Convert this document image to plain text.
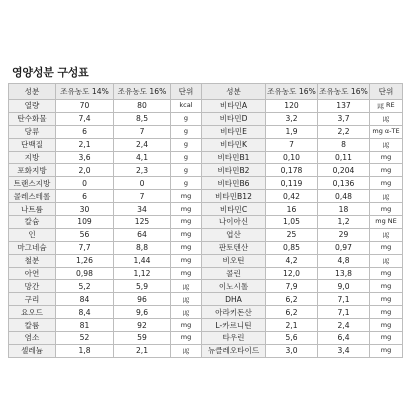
영양성분 구성표
성분	조유농도 14%	조유농도 16%	단위	성분	조유농도 16%	조유농도 16%	단위
열량	70	80	kcal	비타민A	120	137	㎍ RE
탄수화물	7,4	8,5	g	비타민D	3,2	3,7	㎍
당류	6	7	g	비타민E	1,9	2,2	mg α-TE
단백질	2,1	2,4	g	비타민K	7	8	㎍
지방	3,6	4,1	g	비타민B1	0,10	0,11	mg
포화지방	2,0	2,3	g	비타민B2	0,178	0,204	mg
트랜스지방	0	0	g	비타민B6	0,119	0,136	mg
콜레스테롤	6	7	mg	비타민B12	0,42	0,48	㎍
나트륨	30	34	mg	비타민C	16	18	mg
칼슘	109	125	mg	나이아신	1,05	1,2	mg NE
인	56	64	mg	엽산	25	29	㎍
마그네슘	7,7	8,8	mg	판토텐산	0,85	0,97	mg
철분	1,26	1,44	mg	비오틴	4,2	4,8	㎍
아연	0,98	1,12	mg	콜린	12,0	13,8	mg
망간	5,2	5,9	㎍	이노시톨	7,9	9,0	mg
구리	84	96	㎍	DHA	6,2	7,1	mg
요오드	8,4	9,6	㎍	아라키돈산	6,2	7,1	mg
칼륨	81	92	mg	L-카르니틴	2,1	2,4	mg
염소	52	59	mg	타우린	5,6	6,4	mg
셀레늄	1,8	2,1	㎍	뉴클레오타이드	3,0	3,4	mg
